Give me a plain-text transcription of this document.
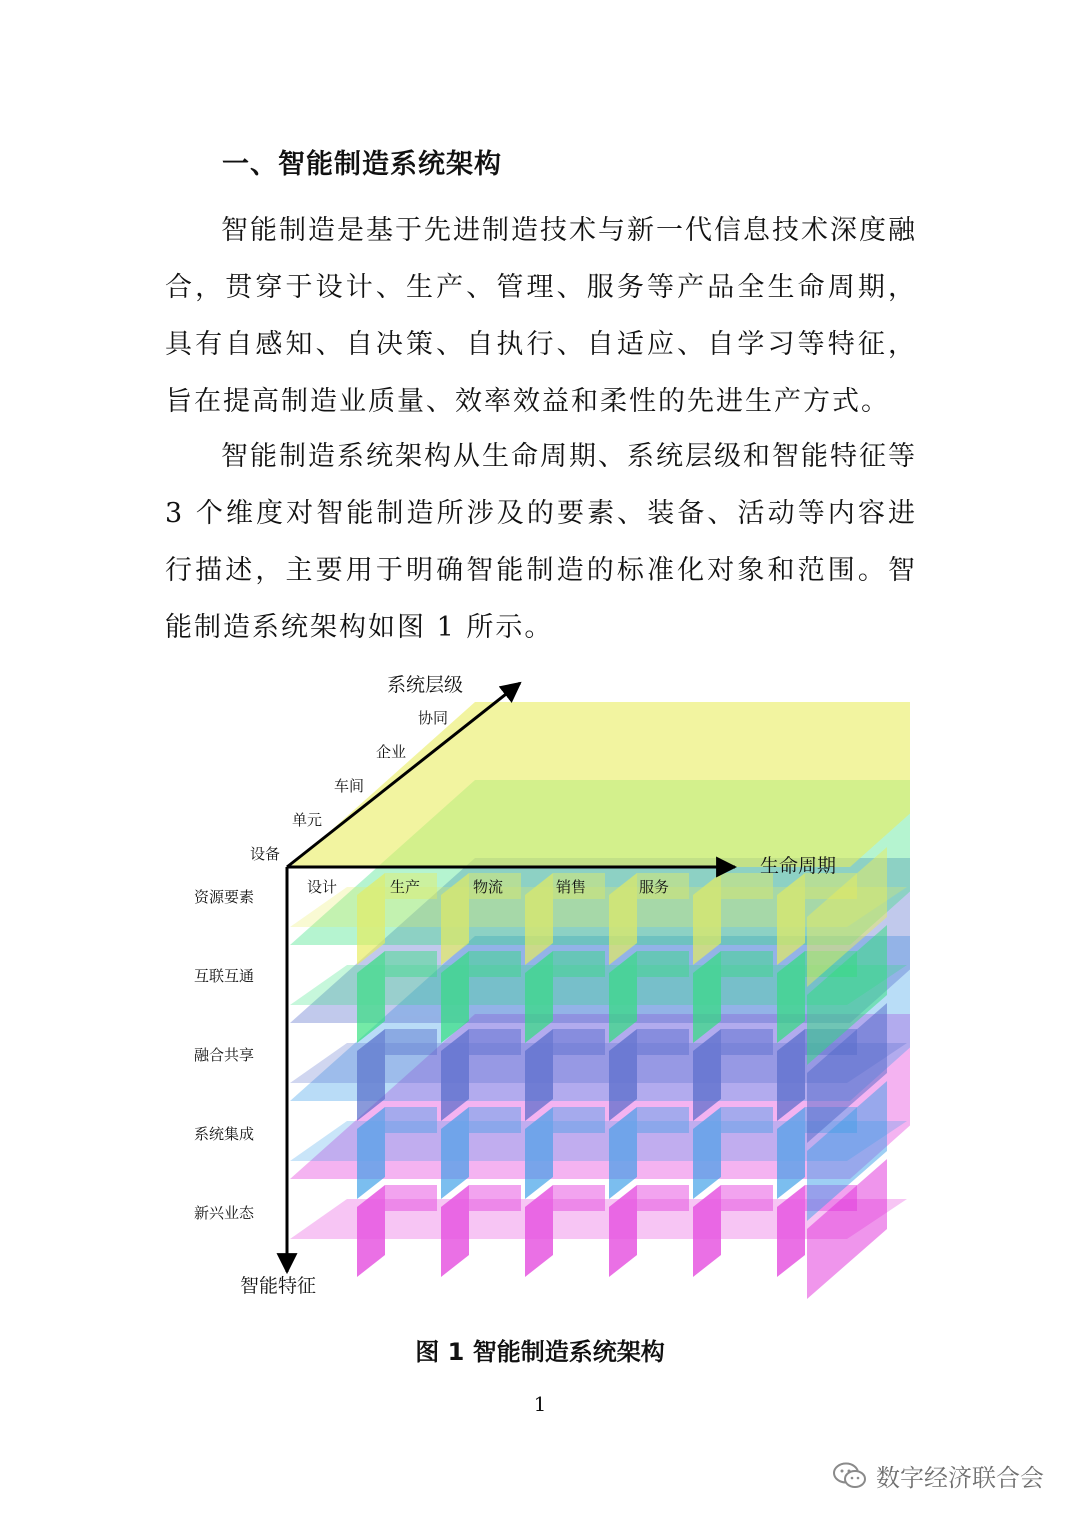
一、智能制造系统架构

智能制造是基于先进制造技术与新一代信息技术深度融合，贯穿于设计、生产、管理、服务等产品全生命周期，具有自感知、自决策、自执行、自适应、自学习等特征，旨在提高制造业质量、效率效益和柔性的先进生产方式。

智能制造系统架构从生命周期、系统层级和智能特征等 3 个维度对智能制造所涉及的要素、装备、活动等内容进行描述，主要用于明确智能制造的标准化对象和范围。智能制造系统架构如图 1 所示。

系统层级
生命周期
智能特征
设备
单元
车间
企业
协同
设计	生产	物流	销售	服务
资源要素
互联互通
融合共享
系统集成
新兴业态
图 1 智能制造系统架构
1
数字经济联合会
